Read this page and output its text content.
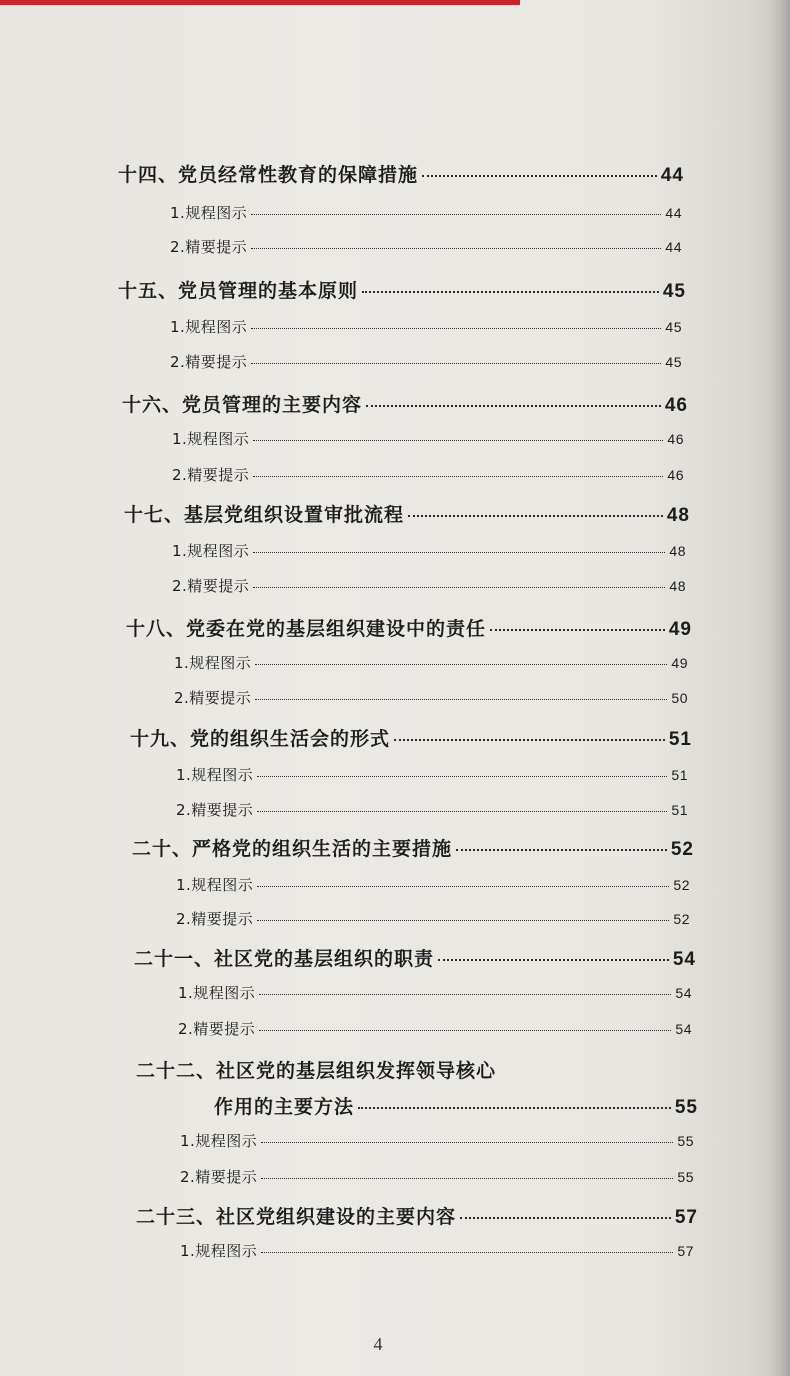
十四、党员经常性教育的保障措施	44
1.规程图示	44
2.精要提示	44
十五、党员管理的基本原则	45
1.规程图示	45
2.精要提示	45
十六、党员管理的主要内容	46
1.规程图示	46
2.精要提示	46
十七、基层党组织设置审批流程	48
1.规程图示	48
2.精要提示	48
十八、党委在党的基层组织建设中的责任	49
1.规程图示	49
2.精要提示	50
十九、党的组织生活会的形式	51
1.规程图示	51
2.精要提示	51
二十、严格党的组织生活的主要措施	52
1.规程图示	52
2.精要提示	52
二十一、社区党的基层组织的职责	54
1.规程图示	54
2.精要提示	54
二十二、社区党的基层组织发挥领导核心
作用的主要方法	55
1.规程图示	55
2.精要提示	55
二十三、社区党组织建设的主要内容	57
1.规程图示	57
4
